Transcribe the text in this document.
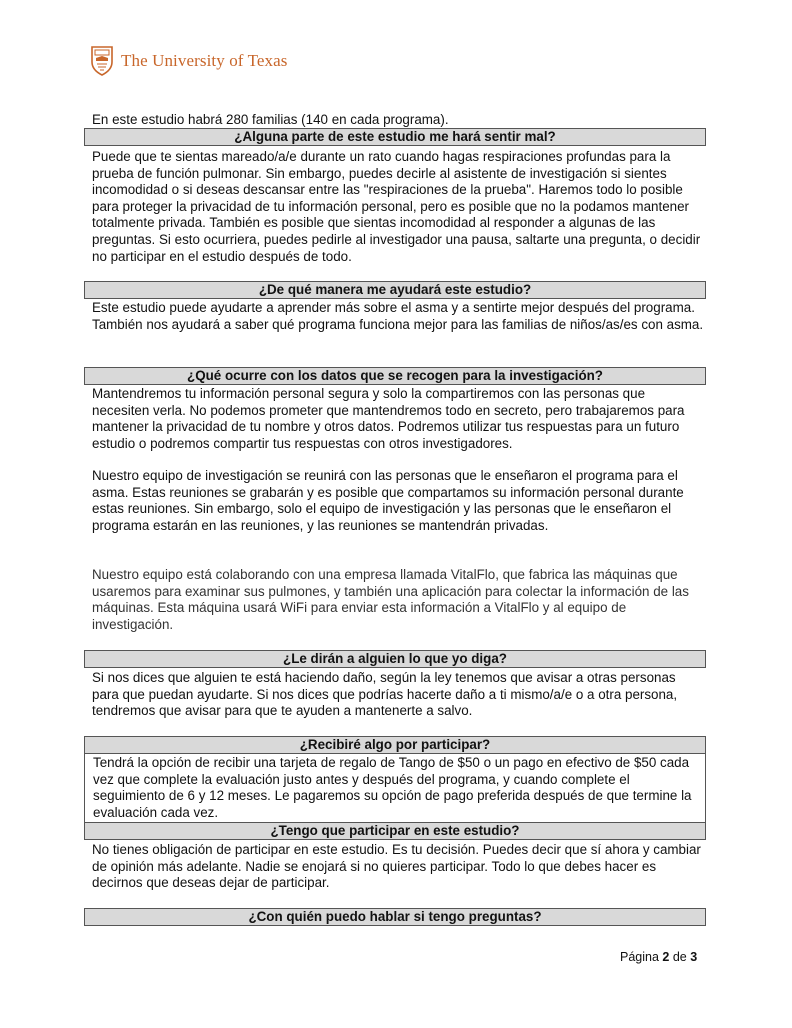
The University of Texas
En este estudio habrá 280 familias (140 en cada programa).
¿Alguna parte de este estudio me hará sentir mal?
Puede que te sientas mareado/a/e durante un rato cuando hagas respiraciones profundas para la prueba de función pulmonar. Sin embargo, puedes decirle al asistente de investigación si sientes incomodidad o si deseas descansar entre las "respiraciones de la prueba". Haremos todo lo posible para proteger la privacidad de tu información personal, pero es posible que no la podamos mantener totalmente privada. También es posible que sientas incomodidad al responder a algunas de las preguntas. Si esto ocurriera, puedes pedirle al investigador una pausa, saltarte una pregunta, o decidir no participar en el estudio después de todo.
¿De qué manera me ayudará este estudio?
Este estudio puede ayudarte a aprender más sobre el asma y a sentirte mejor después del programa. También nos ayudará a saber qué programa funciona mejor para las familias de niños/as/es con asma.
¿Qué ocurre con los datos que se recogen para la investigación?
Mantendremos tu información personal segura y solo la compartiremos con las personas que necesiten verla. No podemos prometer que mantendremos todo en secreto, pero trabajaremos para mantener la privacidad de tu nombre y otros datos. Podremos utilizar tus respuestas para un futuro estudio o podremos compartir tus respuestas con otros investigadores.
Nuestro equipo de investigación se reunirá con las personas que le enseñaron el programa para el asma. Estas reuniones se grabarán y es posible que compartamos su información personal durante estas reuniones. Sin embargo, solo el equipo de investigación y las personas que le enseñaron el programa estarán en las reuniones, y las reuniones se mantendrán privadas.
Nuestro equipo está colaborando con una empresa llamada VitalFlo, que fabrica las máquinas que usaremos para examinar sus pulmones, y también una aplicación para colectar la información de las máquinas. Esta máquina usará WiFi para enviar esta información a VitalFlo y al equipo de investigación.
¿Le dirán a alguien lo que yo diga?
Si nos dices que alguien te está haciendo daño, según la ley tenemos que avisar a otras personas para que puedan ayudarte. Si nos dices que podrías hacerte daño a ti mismo/a/e o a otra persona, tendremos que avisar para que te ayuden a mantenerte a salvo.
¿Recibiré algo por participar?
Tendrá la opción de recibir una tarjeta de regalo de Tango de $50 o un pago en efectivo de $50 cada vez que complete la evaluación justo antes y después del programa, y cuando complete el seguimiento de 6 y 12 meses. Le pagaremos su opción de pago preferida después de que termine la evaluación cada vez.
¿Tengo que participar en este estudio?
No tienes obligación de participar en este estudio. Es tu decisión. Puedes decir que sí ahora y cambiar de opinión más adelante. Nadie se enojará si no quieres participar. Todo lo que debes hacer es decirnos que deseas dejar de participar.
¿Con quién puedo hablar si tengo preguntas?
Página 2 de 3
